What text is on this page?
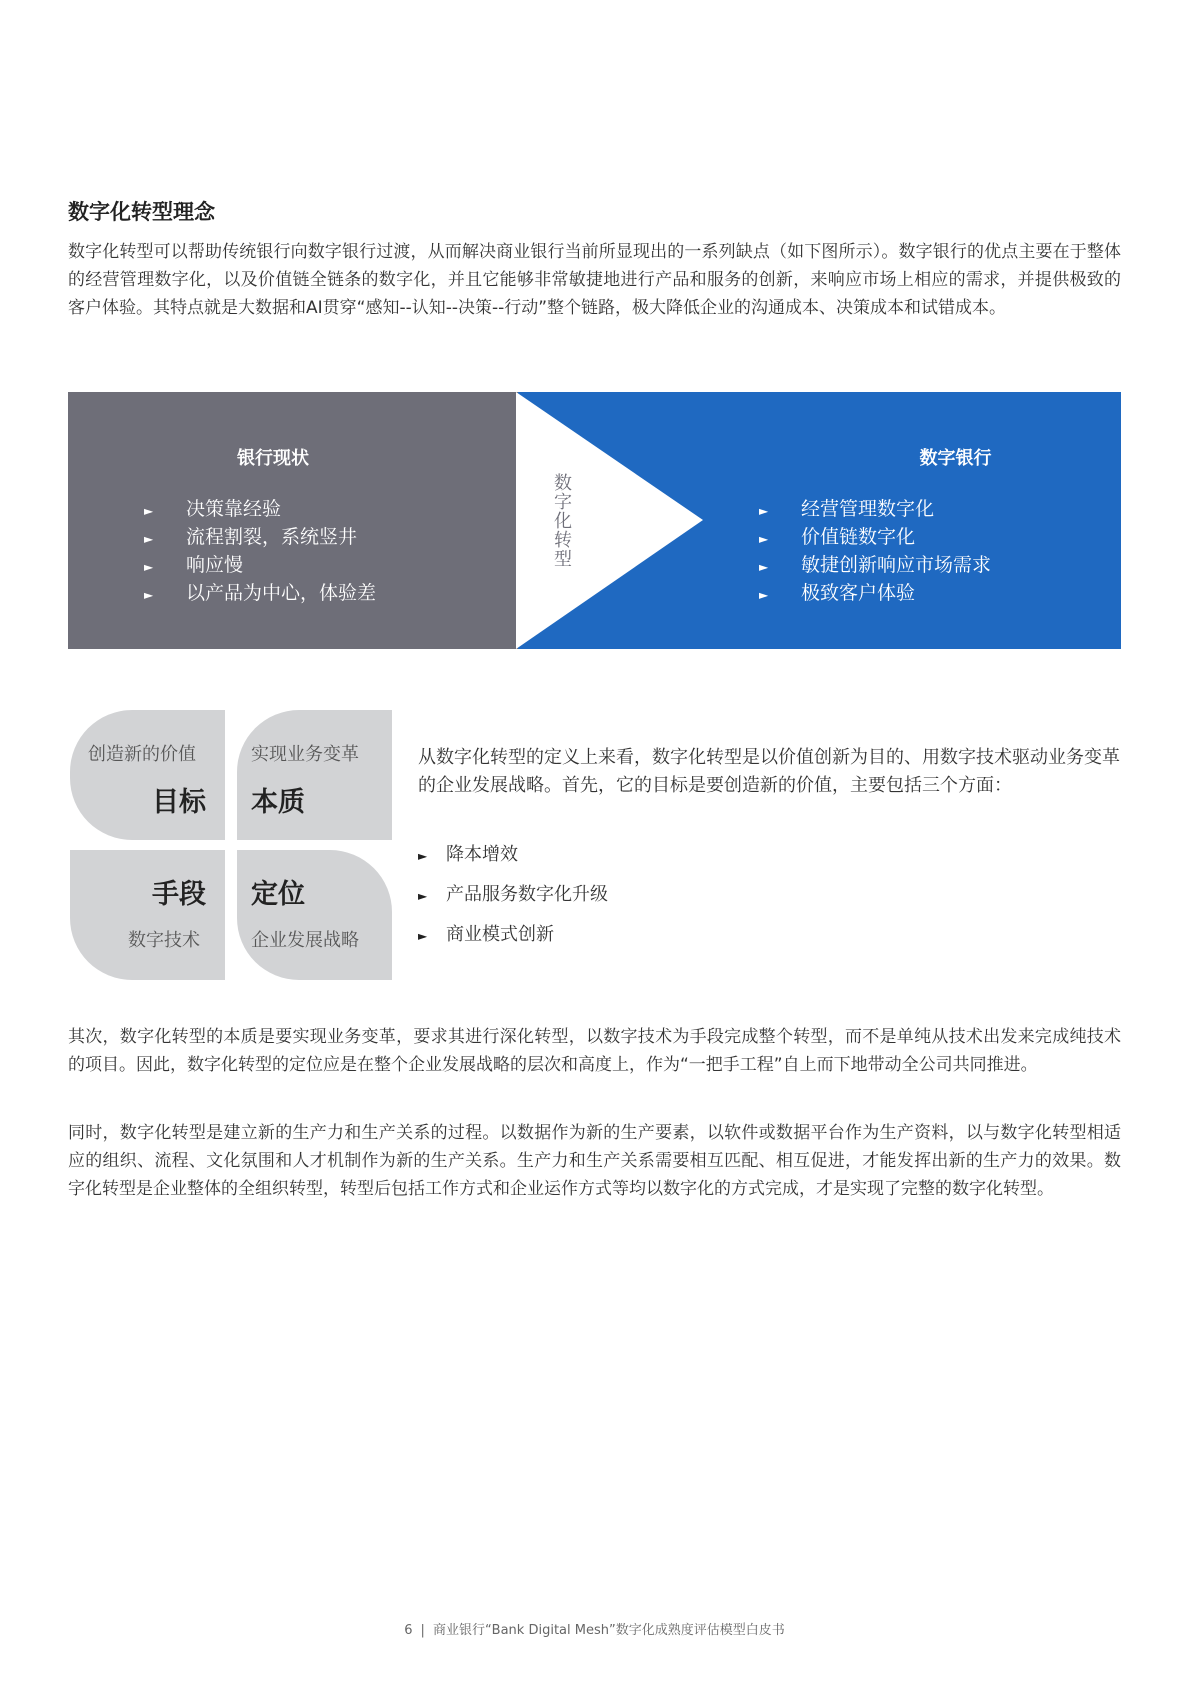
数字化转型理念

数字化转型可以帮助传统银行向数字银行过渡，从而解决商业银行当前所显现出的一系列缺点（如下图所示）。数字银行的优点主要在于整体的经营管理数字化，以及价值链全链条的数字化，并且它能够非常敏捷地进行产品和服务的创新，来响应市场上相应的需求，并提供极致的客户体验。其特点就是大数据和AI贯穿“感知--认知--决策--行动”整个链路，极大降低企业的沟通成本、决策成本和试错成本。

银行现状
► 决策靠经验
► 流程割裂，系统竖井
► 响应慢
► 以产品为中心，体验差
数字化转型
数字银行
► 经营管理数字化
► 价值链数字化
► 敏捷创新响应市场需求
► 极致客户体验
创造新的价值
目标
实现业务变革
本质
手段
数字技术
定位
企业发展战略

从数字化转型的定义上来看，数字化转型是以价值创新为目的、用数字技术驱动业务变革的企业发展战略。首先，它的目标是要创造新的价值，主要包括三个方面：

► 降本增效
► 产品服务数字化升级
► 商业模式创新

其次，数字化转型的本质是要实现业务变革，要求其进行深化转型，以数字技术为手段完成整个转型，而不是单纯从技术出发来完成纯技术的项目。因此，数字化转型的定位应是在整个企业发展战略的层次和高度上，作为“一把手工程”自上而下地带动全公司共同推进。

同时，数字化转型是建立新的生产力和生产关系的过程。以数据作为新的生产要素，以软件或数据平台作为生产资料，以与数字化转型相适应的组织、流程、文化氛围和人才机制作为新的生产关系。生产力和生产关系需要相互匹配、相互促进，才能发挥出新的生产力的效果。数字化转型是企业整体的全组织转型，转型后包括工作方式和企业运作方式等均以数字化的方式完成，才是实现了完整的数字化转型。

6 | 商业银行“Bank Digital Mesh”数字化成熟度评估模型白皮书
